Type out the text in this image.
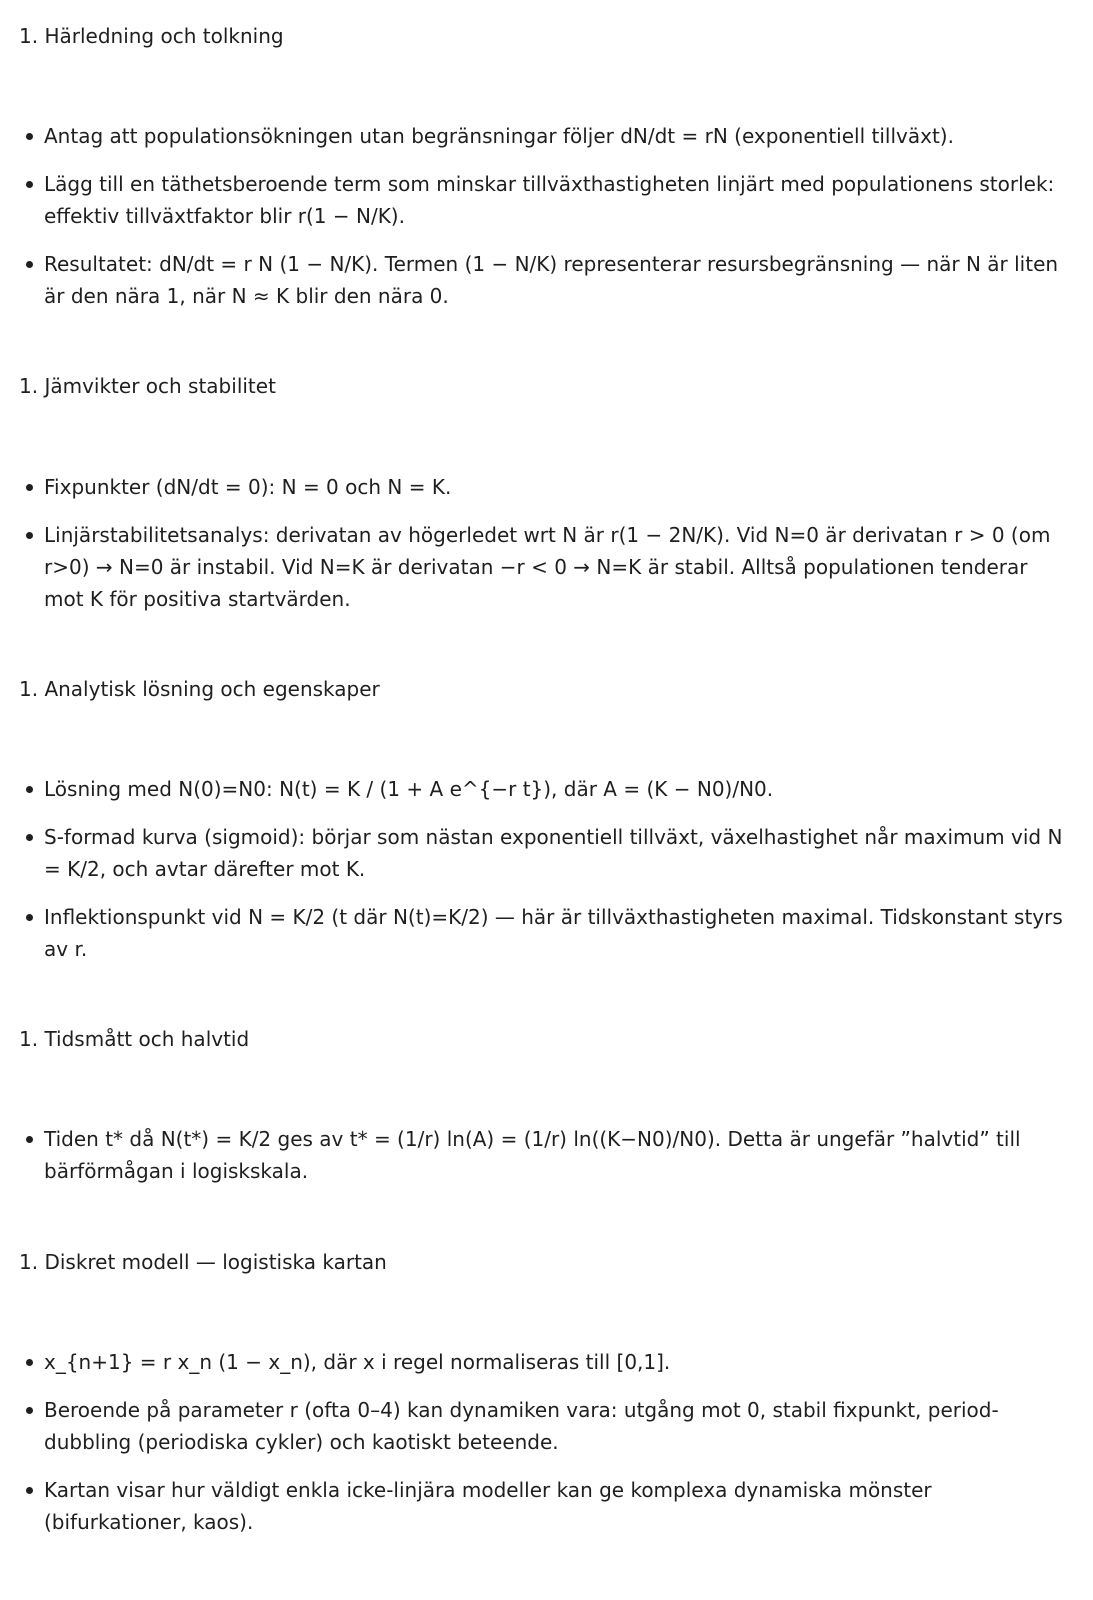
1. Härledning och tolkning
Antag att populationsökningen utan begränsningar följer dN/dt = rN (exponentiell tillväxt).
Lägg till en täthetsberoende term som minskar tillväxthastigheten linjärt med populationens storlek: effektiv tillväxtfaktor blir r(1 − N/K).
Resultatet: dN/dt = r N (1 − N/K). Termen (1 − N/K) representerar resursbegränsning — när N är liten är den nära 1, när N ≈ K blir den nära 0.
1. Jämvikter och stabilitet
Fixpunkter (dN/dt = 0): N = 0 och N = K.
Linjärstabilitetsanalys: derivatan av högerledet wrt N är r(1 − 2N/K). Vid N=0 är derivatan r > 0 (om r>0) → N=0 är instabil. Vid N=K är derivatan −r < 0 → N=K är stabil. Alltså populationen tenderar mot K för positiva startvärden.
1. Analytisk lösning och egenskaper
Lösning med N(0)=N0: N(t) = K / (1 + A e^{−r t}), där A = (K − N0)/N0.
S-formad kurva (sigmoid): börjar som nästan exponentiell tillväxt, växelhastighet når maximum vid N = K/2, och avtar därefter mot K.
Inflektionspunkt vid N = K/2 (t där N(t)=K/2) — här är tillväxthastigheten maximal. Tidskonstant styrs av r.
1. Tidsmått och halvtid
Tiden t* då N(t*) = K/2 ges av t* = (1/r) ln(A) = (1/r) ln((K−N0)/N0). Detta är ungefär ”halvtid” till bärförmågan i logiskskala.
1. Diskret modell — logistiska kartan
x_{n+1} = r x_n (1 − x_n), där x i regel normaliseras till [0,1].
Beroende på parameter r (ofta 0–4) kan dynamiken vara: utgång mot 0, stabil fixpunkt, period-dubbling (periodiska cykler) och kaotiskt beteende.
Kartan visar hur väldigt enkla icke-linjära modeller kan ge komplexa dynamiska mönster (bifurkationer, kaos).
